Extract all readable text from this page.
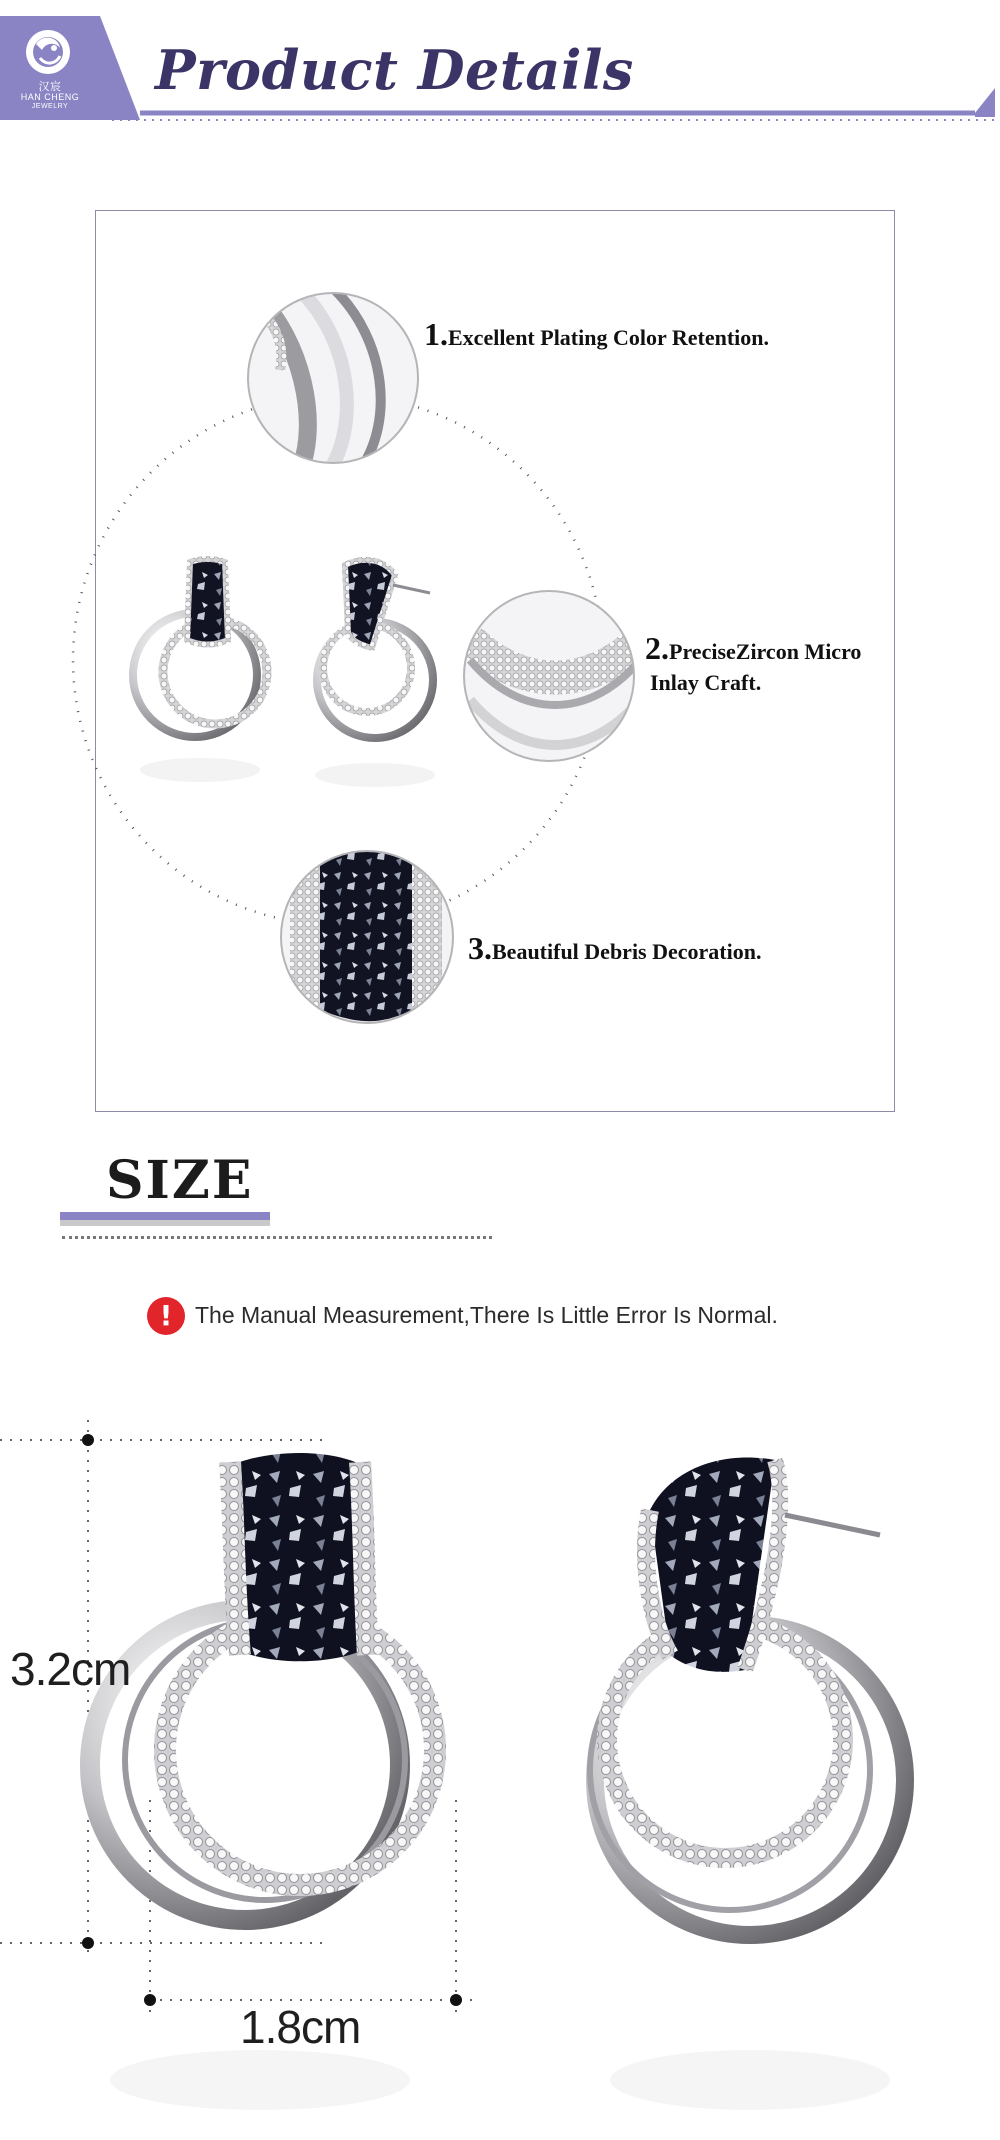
汉宸
HAN CHENG
JEWELRY
Product Details
1.Excellent Plating Color Retention.
2.PreciseZircon Micro
Inlay Craft.
3.Beautiful Debris Decoration.
SIZE
! The Manual Measurement,There Is Little Error Is Normal.
3.2cm
1.8cm
